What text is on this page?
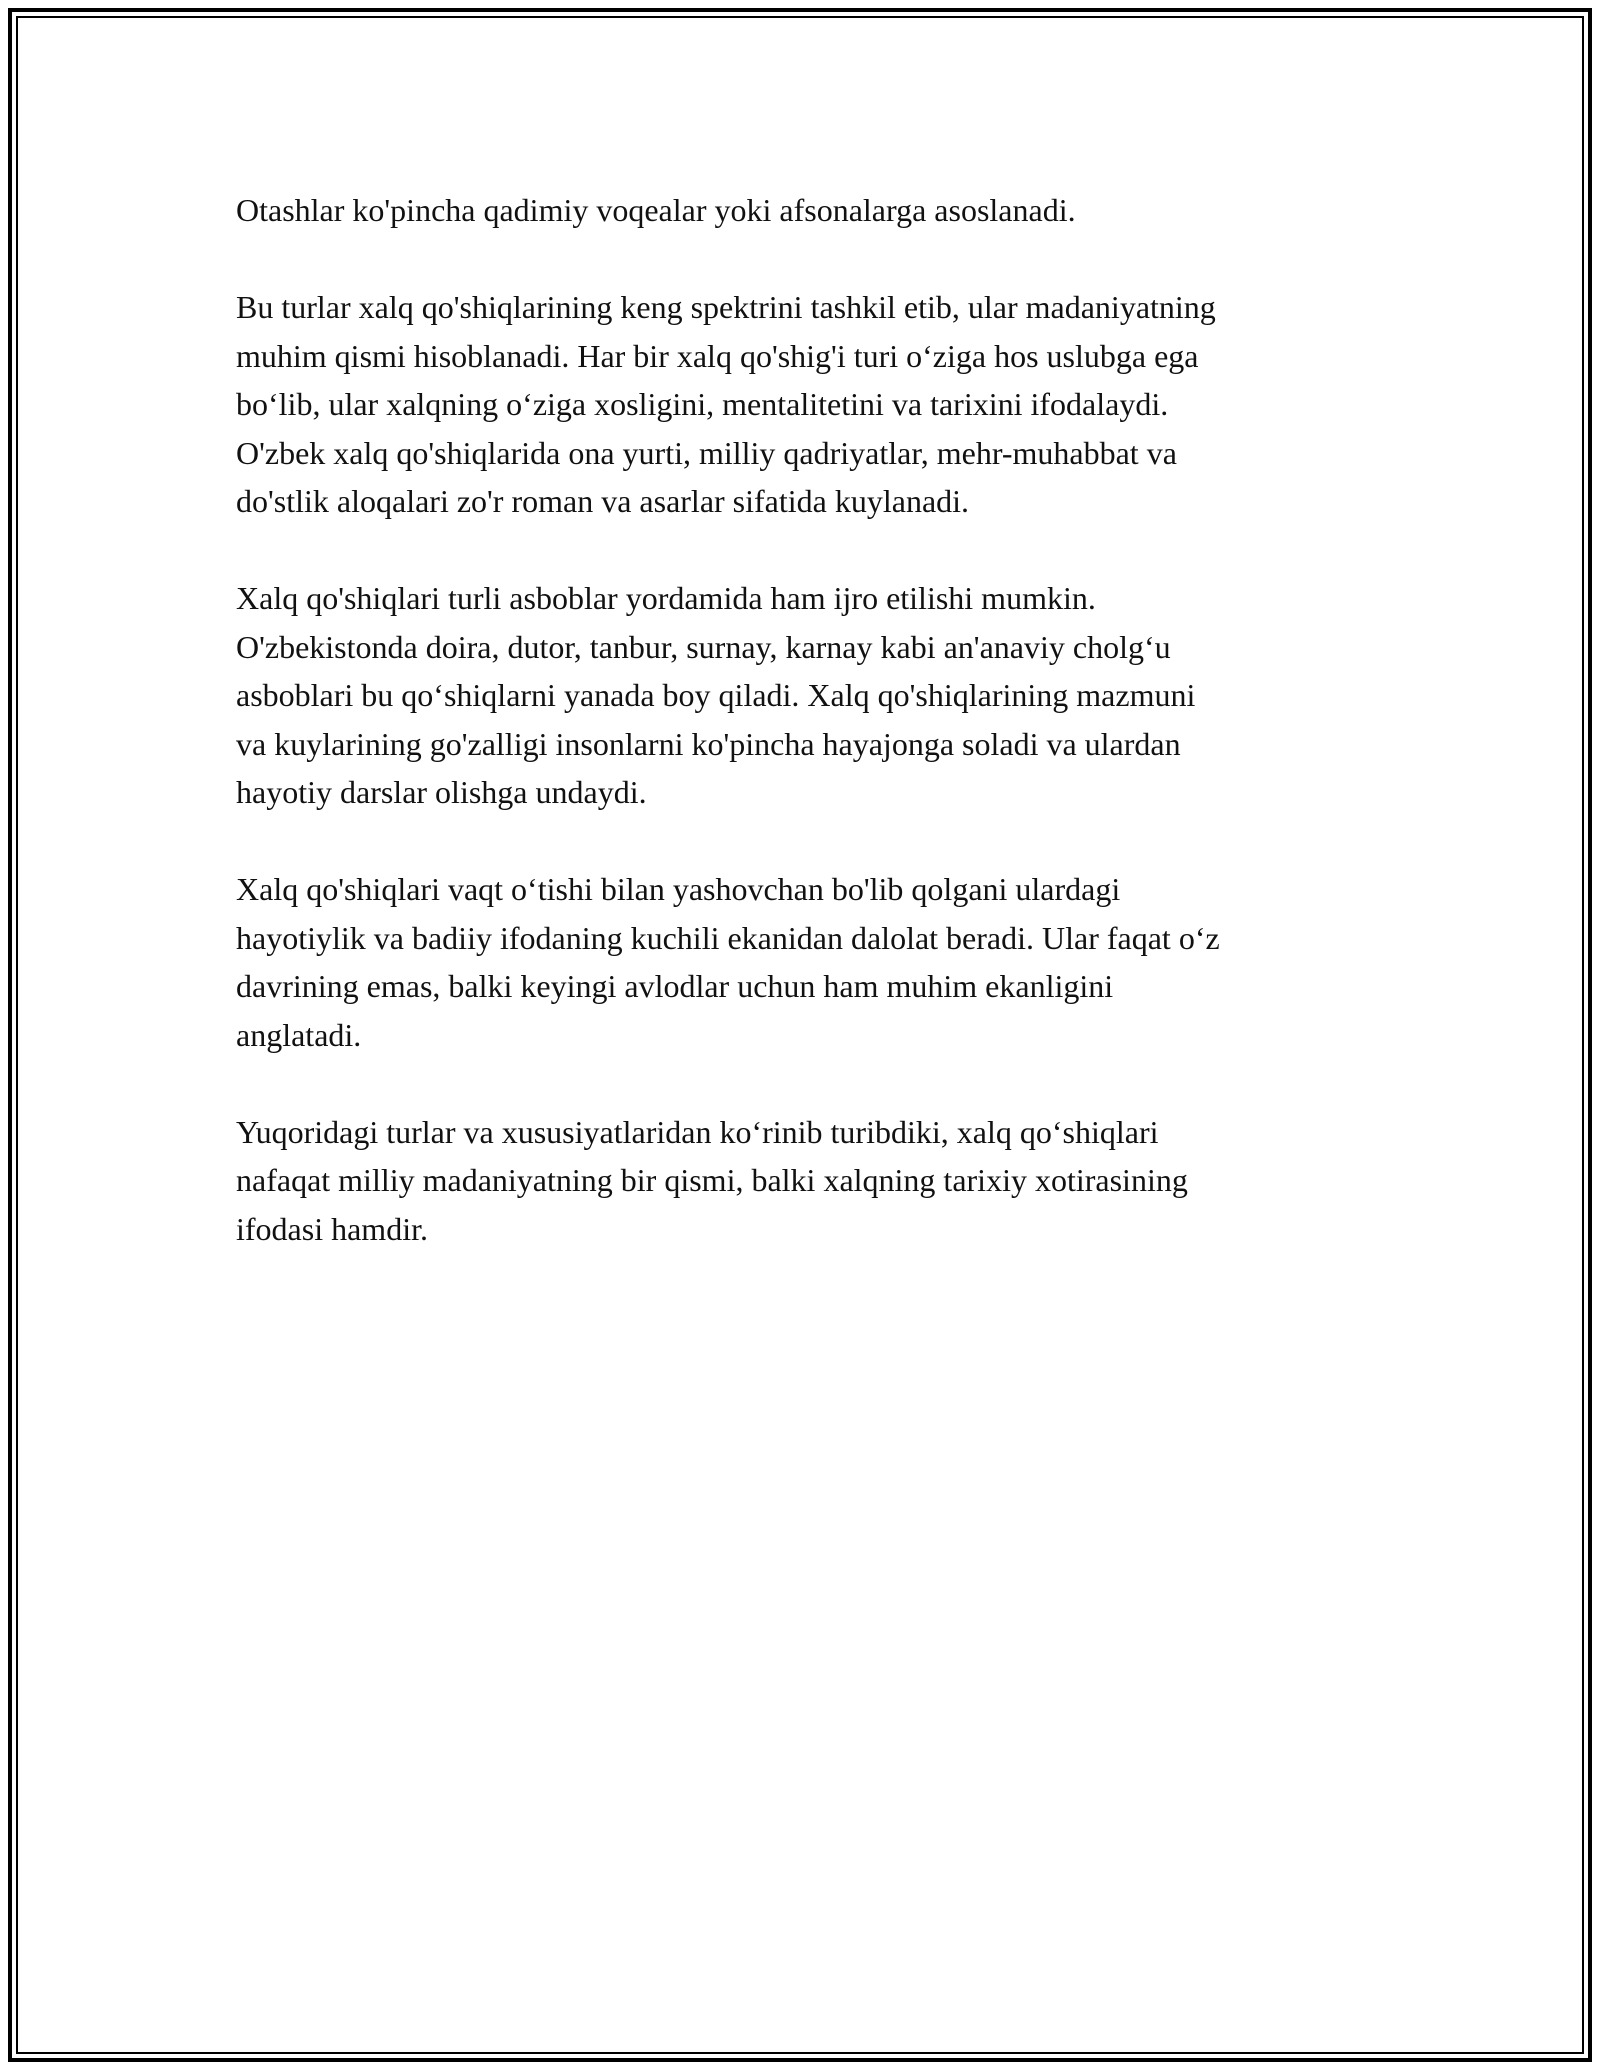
Otashlar ko'pincha qadimiy voqealar yoki afsonalarga asoslanadi.

Bu turlar xalq qo'shiqlarining keng spektrini tashkil etib, ular madaniyatning
muhim qismi hisoblanadi. Har bir xalq qo'shig'i turi o‘ziga hos uslubga ega
bo‘lib, ular xalqning o‘ziga xosligini, mentalitetini va tarixini ifodalaydi.
O'zbek xalq qo'shiqlarida ona yurti, milliy qadriyatlar, mehr-muhabbat va
do'stlik aloqalari zo'r roman va asarlar sifatida kuylanadi.

Xalq qo'shiqlari turli asboblar yordamida ham ijro etilishi mumkin.
O'zbekistonda doira, dutor, tanbur, surnay, karnay kabi an'anaviy cholg‘u
asboblari bu qo‘shiqlarni yanada boy qiladi. Xalq qo'shiqlarining mazmuni
va kuylarining go'zalligi insonlarni ko'pincha hayajonga soladi va ulardan
hayotiy darslar olishga undaydi.

Xalq qo'shiqlari vaqt o‘tishi bilan yashovchan bo'lib qolgani ulardagi
hayotiylik va badiiy ifodaning kuchili ekanidan dalolat beradi. Ular faqat o‘z
davrining emas, balki keyingi avlodlar uchun ham muhim ekanligini
anglatadi.

Yuqoridagi turlar va xususiyatlaridan ko‘rinib turibdiki, xalq qo‘shiqlari
nafaqat milliy madaniyatning bir qismi, balki xalqning tarixiy xotirasining
ifodasi hamdir.
